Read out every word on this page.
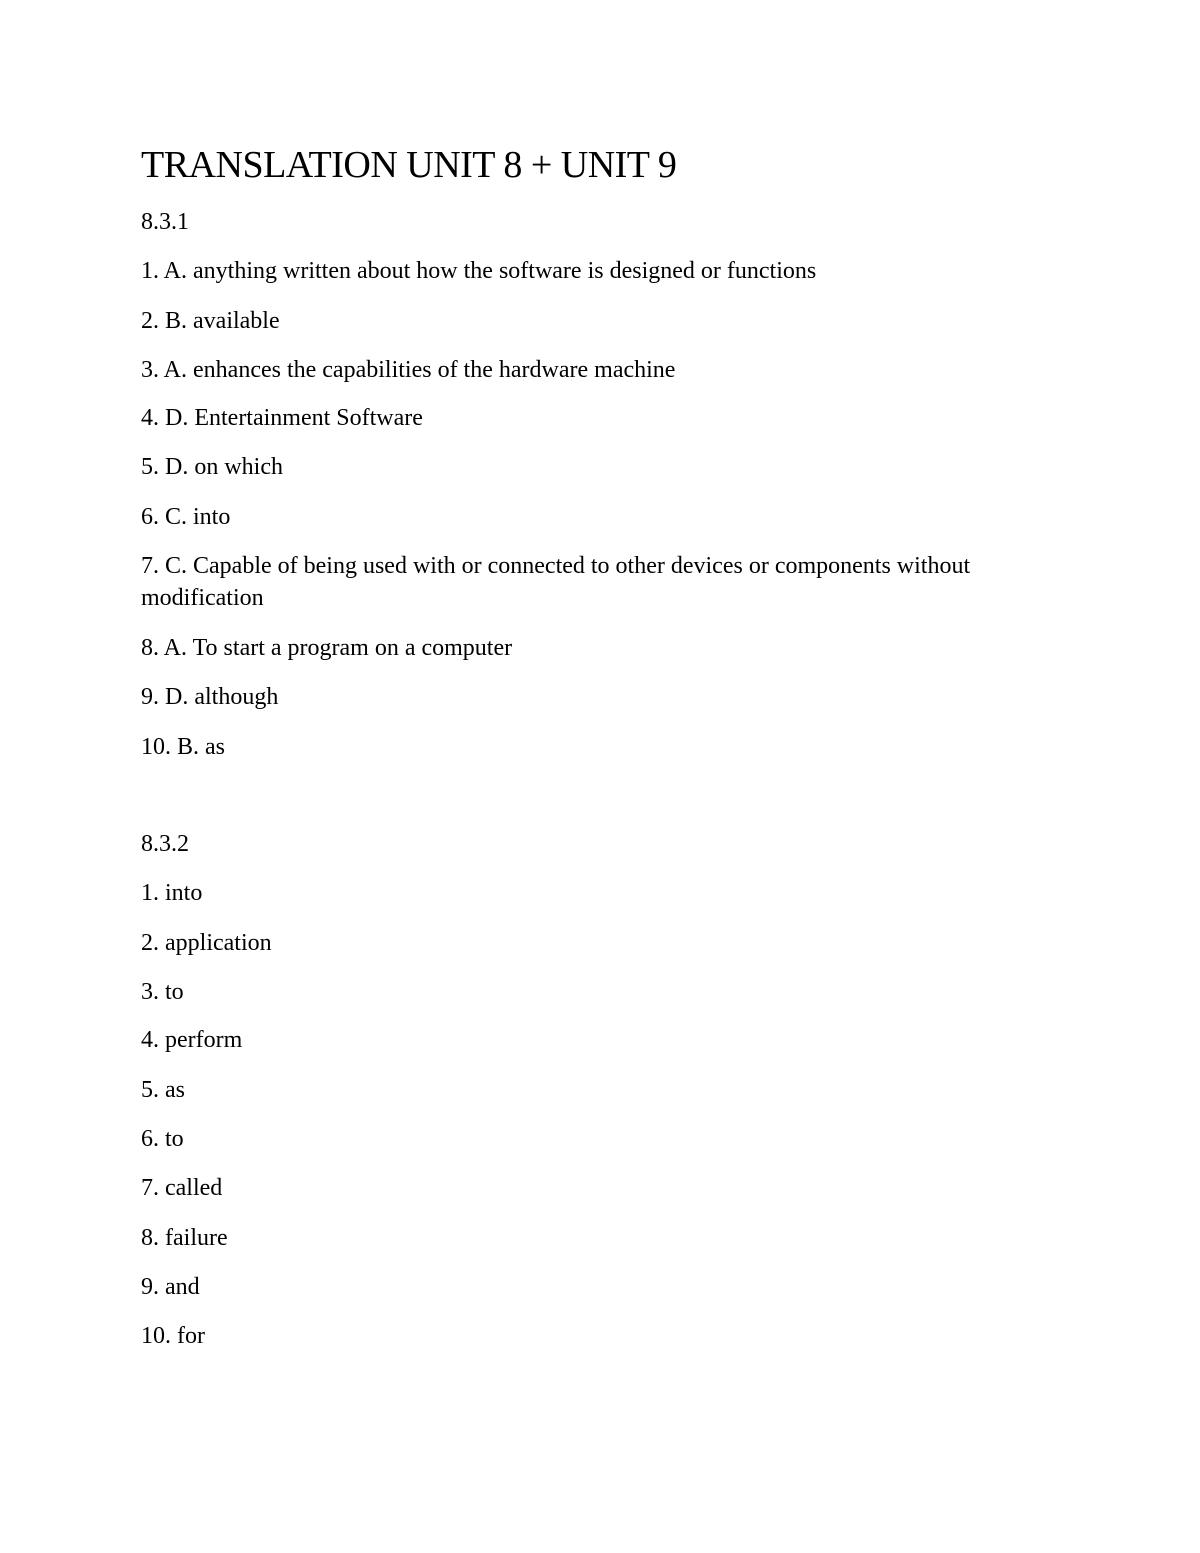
TRANSLATION UNIT 8 + UNIT 9
8.3.1
1. A. anything written about how the software is designed or functions
2. B. available
3. A. enhances the capabilities of the hardware machine
4. D. Entertainment Software
5. D. on which
6. C. into
7. C. Capable of being used with or connected to other devices or components without modification
8. A. To start a program on a computer
9. D. although
10. B. as
8.3.2
1. into
2. application
3. to
4. perform
5. as
6. to
7. called
8. failure
9. and
10. for
